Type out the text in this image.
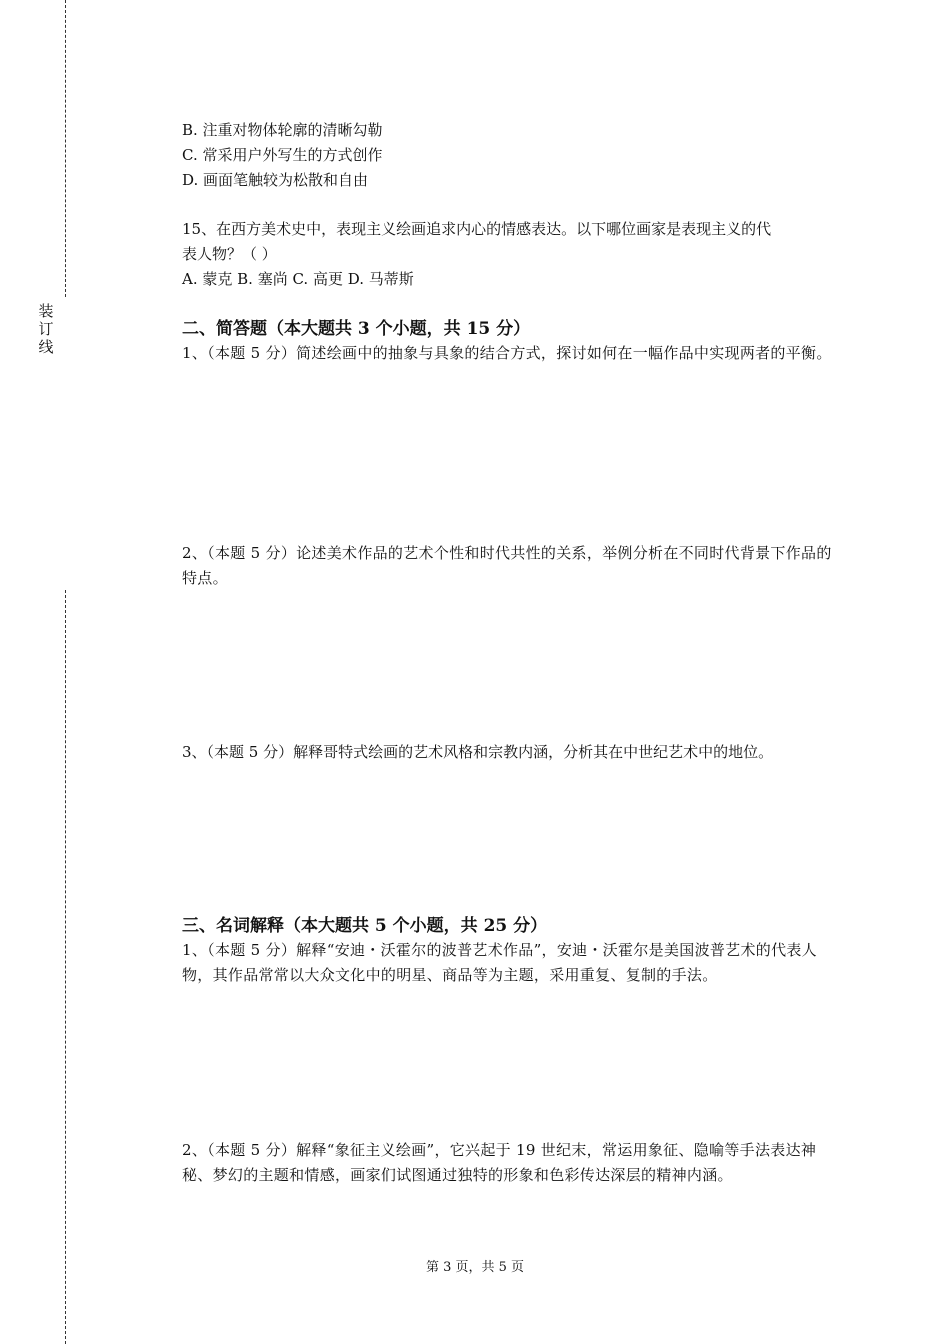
装订线
B. 注重对物体轮廓的清晰勾勒
C. 常采用户外写生的方式创作
D. 画面笔触较为松散和自由
15、在西方美术史中，表现主义绘画追求内心的情感表达。以下哪位画家是表现主义的代
表人物？（ ）
A. 蒙克 B. 塞尚 C. 高更 D. 马蒂斯
二、简答题（本大题共 3 个小题，共 15 分）
1、（本题 5 分）简述绘画中的抽象与具象的结合方式，探讨如何在一幅作品中实现两者的平衡。
2、（本题 5 分）论述美术作品的艺术个性和时代共性的关系，举例分析在不同时代背景下作品的特点。
3、（本题 5 分）解释哥特式绘画的艺术风格和宗教内涵，分析其在中世纪艺术中的地位。
三、名词解释（本大题共 5 个小题，共 25 分）
1、（本题 5 分）解释“安迪・沃霍尔的波普艺术作品”，安迪・沃霍尔是美国波普艺术的代表人物，其作品常常以大众文化中的明星、商品等为主题，采用重复、复制的手法。
2、（本题 5 分）解释“象征主义绘画”，它兴起于 19 世纪末，常运用象征、隐喻等手法表达神秘、梦幻的主题和情感，画家们试图通过独特的形象和色彩传达深层的精神内涵。
第 3 页，共 5 页
